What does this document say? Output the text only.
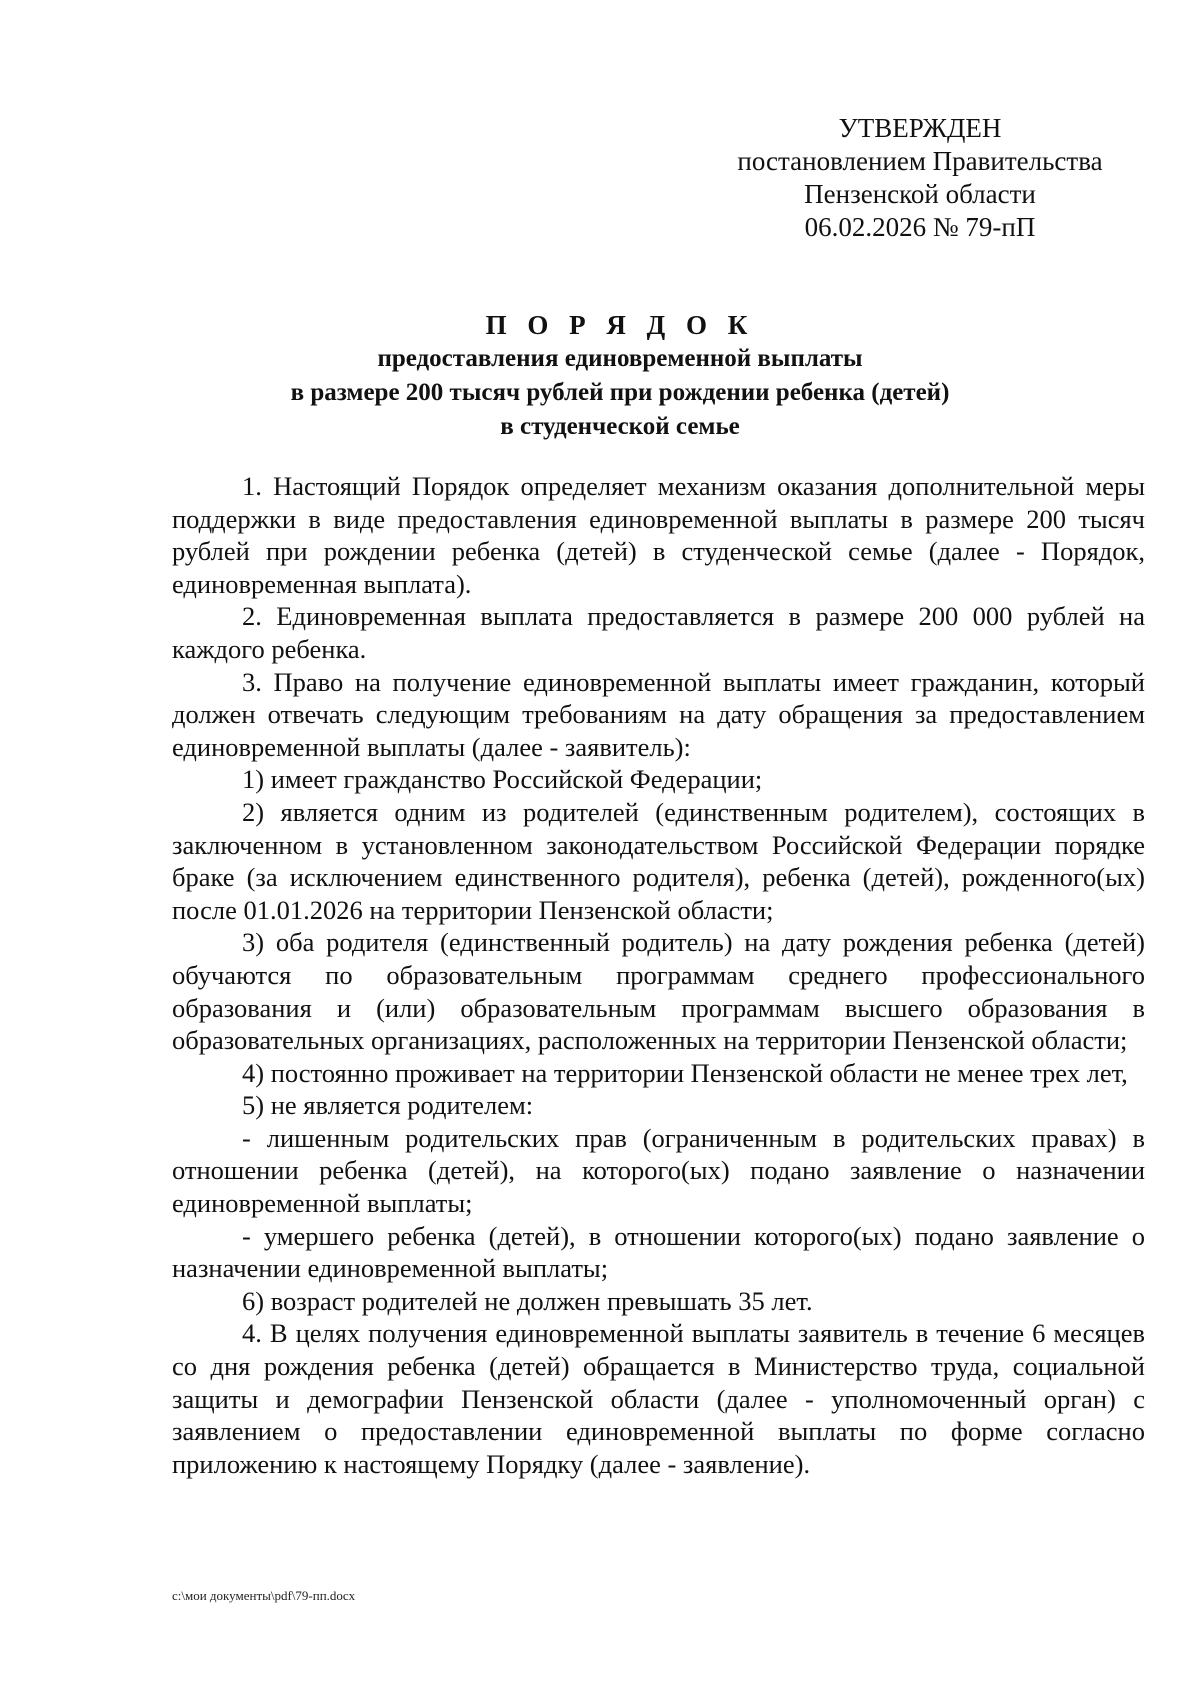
УТВЕРЖДЕН
постановлением Правительства
Пензенской области
06.02.2026 № 79-пП
П О Р Я Д О К
предоставления единовременной выплаты
в размере 200 тысяч рублей при рождении ребенка (детей)
в студенческой семье

1. Настоящий Порядок определяет механизм оказания дополнительной меры поддержки в виде предоставления единовременной выплаты в размере 200 тысяч рублей при рождении ребенка (детей) в студенческой семье (далее - Порядок, единовременная выплата).

2. Единовременная выплата предоставляется в размере 200 000 рублей на каждого ребенка.

3. Право на получение единовременной выплаты имеет гражданин, который должен отвечать следующим требованиям на дату обращения за предоставлением единовременной выплаты (далее - заявитель):

1) имеет гражданство Российской Федерации;

2) является одним из родителей (единственным родителем), состоящих в заключенном в установленном законодательством Российской Федерации порядке браке (за исключением единственного родителя), ребенка (детей), рожденного(ых) после 01.01.2026 на территории Пензенской области;

3) оба родителя (единственный родитель) на дату рождения ребенка (детей) обучаются по образовательным программам среднего профессионального образования и (или) образовательным программам высшего образования в образовательных организациях, расположенных на территории Пензенской области;

4) постоянно проживает на территории Пензенской области не менее трех лет,

5) не является родителем:

- лишенным родительских прав (ограниченным в родительских правах) в отношении ребенка (детей), на которого(ых) подано заявление о назначении единовременной выплаты;

- умершего ребенка (детей), в отношении которого(ых) подано заявление о назначении единовременной выплаты;

6) возраст родителей не должен превышать 35 лет.

4. В целях получения единовременной выплаты заявитель в течение 6 месяцев со дня рождения ребенка (детей) обращается в Министерство труда, социальной защиты и демографии Пензенской области (далее - уполномоченный орган) с заявлением о предоставлении единовременной выплаты по форме согласно приложению к настоящему Порядку (далее - заявление).

c:\мои документы\pdf\79-пп.docx
